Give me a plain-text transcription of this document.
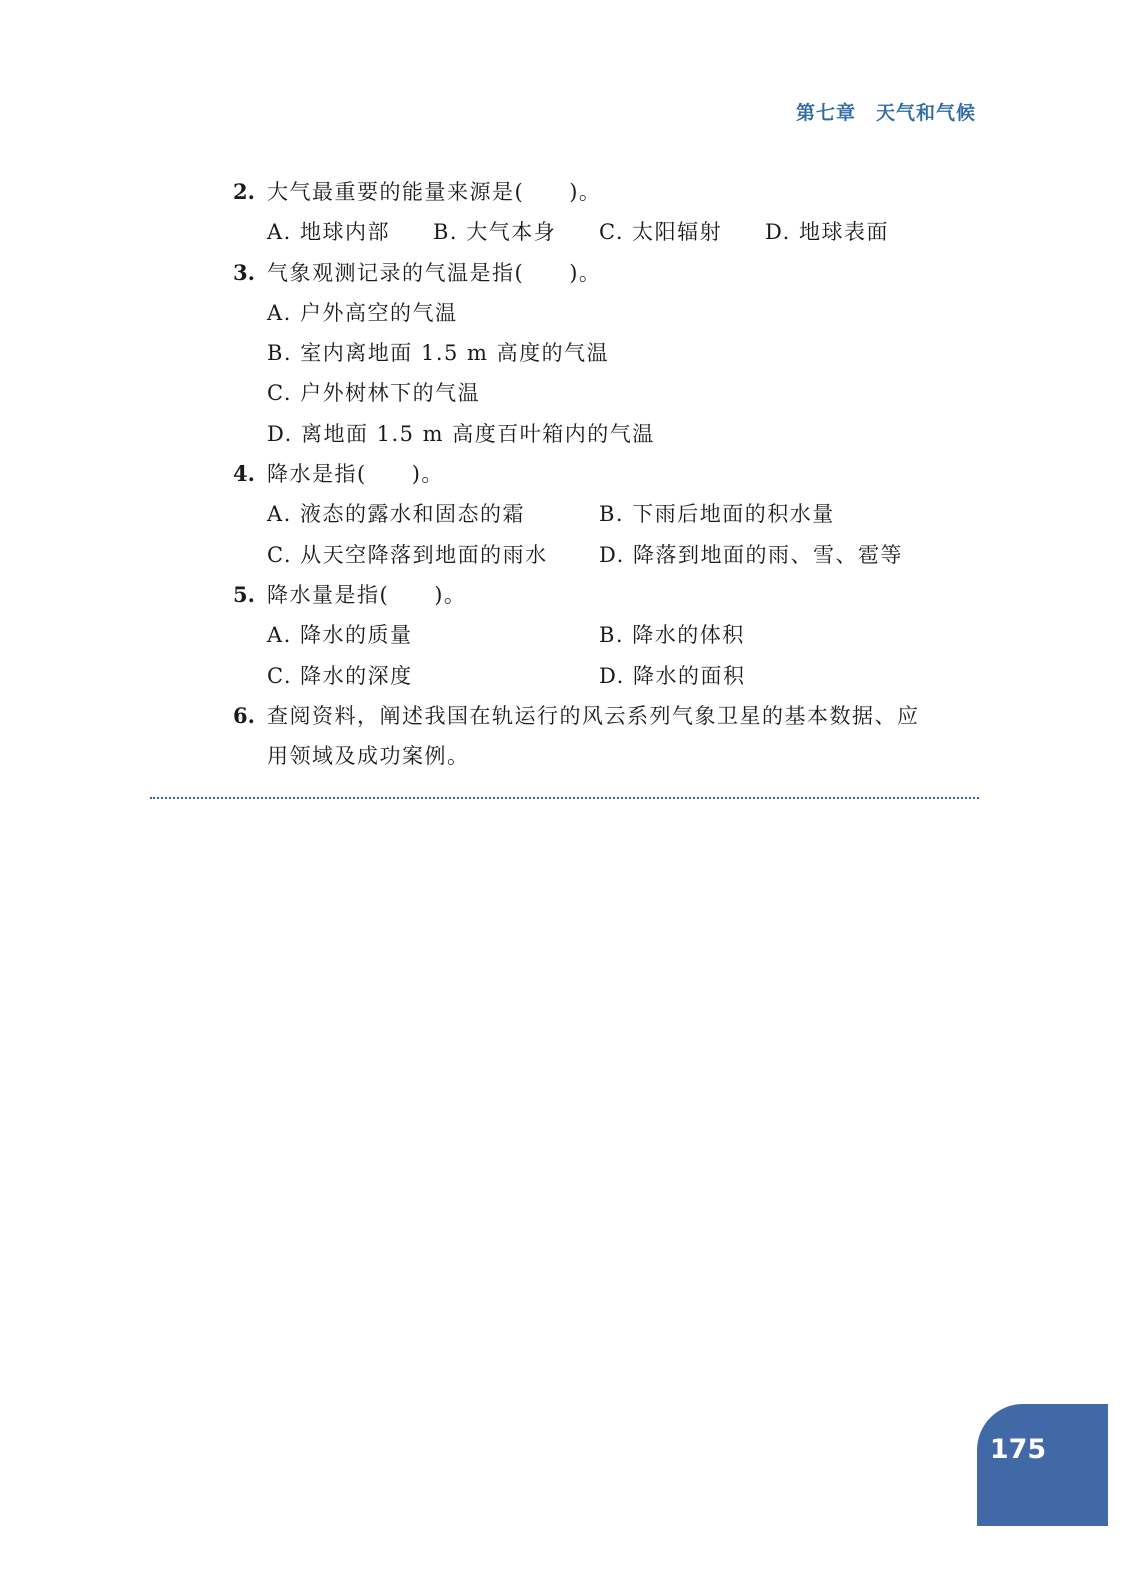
第七章　天气和气候
2. 大气最重要的能量来源是(　　)。
A. 地球内部 B. 大气本身 C. 太阳辐射 D. 地球表面
3. 气象观测记录的气温是指(　　)。
A. 户外高空的气温
B. 室内离地面 1.5 m 高度的气温
C. 户外树林下的气温
D. 离地面 1.5 m 高度百叶箱内的气温
4. 降水是指(　　)。
A. 液态的露水和固态的霜	B. 下雨后地面的积水量
C. 从天空降落到地面的雨水 D. 降落到地面的雨、雪、雹等
5. 降水量是指(　　)。
A. 降水的质量	B. 降水的体积
C. 降水的深度	D. 降水的面积
6. 查阅资料，阐述我国在轨运行的风云系列气象卫星的基本数据、应
用领域及成功案例。
175
